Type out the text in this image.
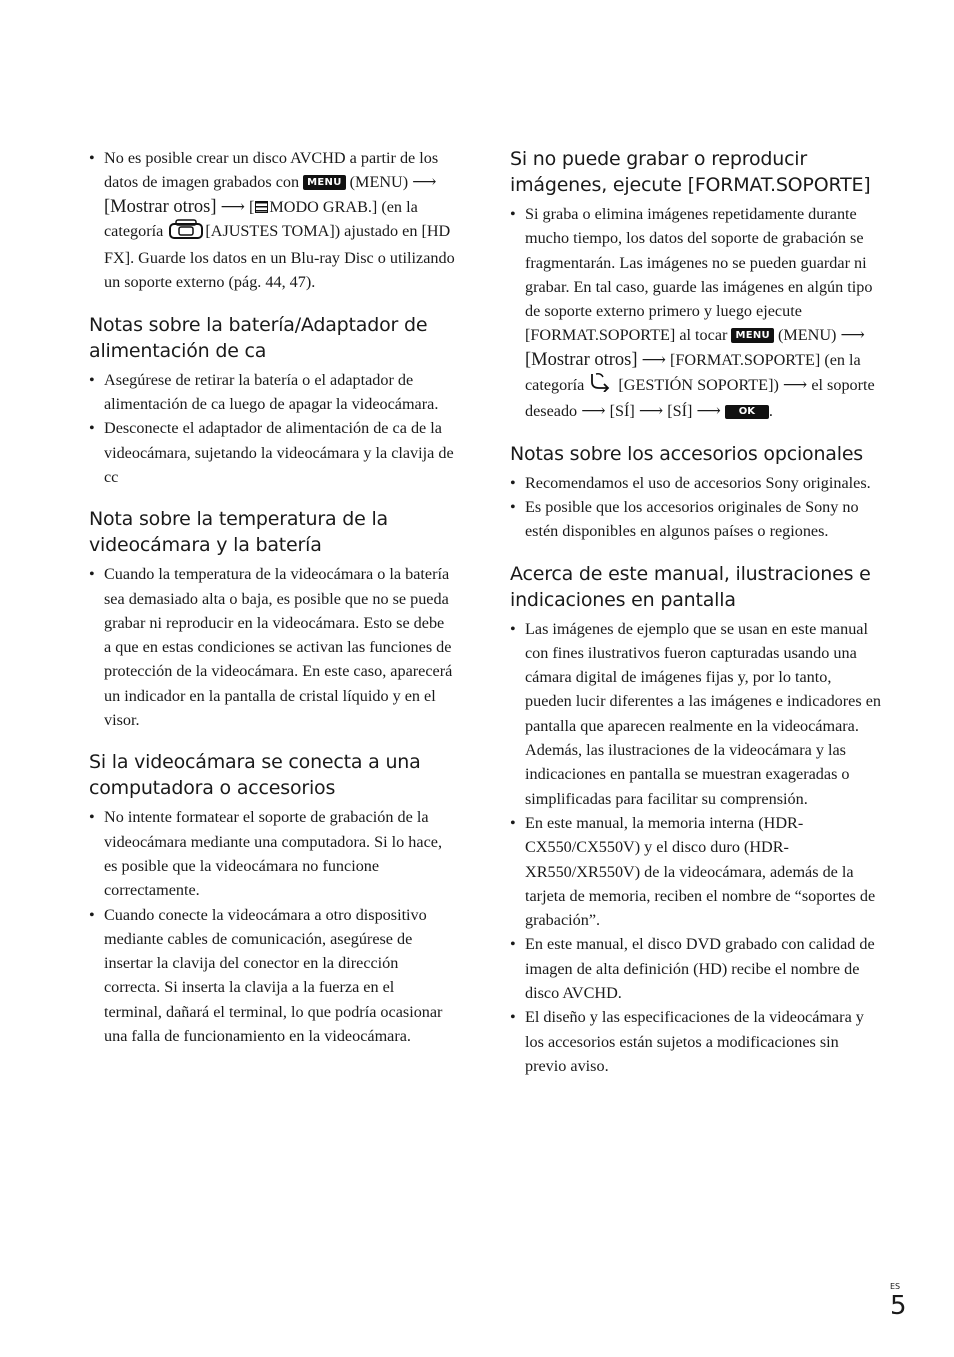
• No es posible crear un disco AVCHD a partir de los datos de imagen grabados con MENU (MENU) ⟶ [Mostrar otros] ⟶ [ MODO GRAB.] (en la categoría	[AJUSTES TOMA]) ajustado en [HD FX]. Guarde los datos en un Blu-ray Disc o utilizando un soporte externo (pág. 44, 47).
Notas sobre la batería/Adaptador de alimentación de ca
• Asegúrese de retirar la batería o el adaptador de alimentación de ca luego de apagar la videocámara.
• Desconecte el adaptador de alimentación de ca de la videocámara, sujetando la videocámara y la clavija de cc
Nota sobre la temperatura de la videocámara y la batería
• Cuando la temperatura de la videocámara o la batería sea demasiado alta o baja, es posible que no se pueda grabar ni reproducir en la videocámara. Esto se debe a que en estas condiciones se activan las funciones de protección de la videocámara. En este caso, aparecerá un indicador en la pantalla de cristal líquido y en el visor.
Si la videocámara se conecta a una computadora o accesorios
• No intente formatear el soporte de grabación de la videocámara mediante una computadora. Si lo hace, es posible que la videocámara no funcione correctamente.
• Cuando conecte la videocámara a otro dispositivo mediante cables de comunicación, asegúrese de insertar la clavija del conector en la dirección correcta. Si inserta la clavija a la fuerza en el terminal, dañará el terminal, lo que podría ocasionar una falla de funcionamiento en la videocámara.
Si no puede grabar o reproducir imágenes, ejecute [FORMAT.SOPORTE]
• Si graba o elimina imágenes repetidamente durante mucho tiempo, los datos del soporte de grabación se fragmentarán. Las imágenes no se pueden guardar ni grabar. En tal caso, guarde las imágenes en algún tipo de soporte externo primero y luego ejecute [FORMAT.SOPORTE] al tocar MENU (MENU) ⟶ [Mostrar otros] ⟶ [FORMAT.SOPORTE] (en la categoría [GESTIÓN SOPORTE]) ⟶ el soporte deseado ⟶ [SÍ] ⟶ [SÍ] ⟶ OK .
Notas sobre los accesorios opcionales
• Recomendamos el uso de accesorios Sony originales.
• Es posible que los accesorios originales de Sony no estén disponibles en algunos países o regiones.
Acerca de este manual, ilustraciones e indicaciones en pantalla
• Las imágenes de ejemplo que se usan en este manual con fines ilustrativos fueron capturadas usando una cámara digital de imágenes fijas y, por lo tanto, pueden lucir diferentes a las imágenes e indicadores en pantalla que aparecen realmente en la videocámara. Además, las ilustraciones de la videocámara y las indicaciones en pantalla se muestran exageradas o simplificadas para facilitar su comprensión.
• En este manual, la memoria interna (HDR-CX550/CX550V) y el disco duro (HDR-XR550/XR550V) de la videocámara, además de la tarjeta de memoria, reciben el nombre de “soportes de grabación”.
• En este manual, el disco DVD grabado con calidad de imagen de alta definición (HD) recibe el nombre de disco AVCHD.
• El diseño y las especificaciones de la videocámara y los accesorios están sujetos a modificaciones sin previo aviso.
ES
5
